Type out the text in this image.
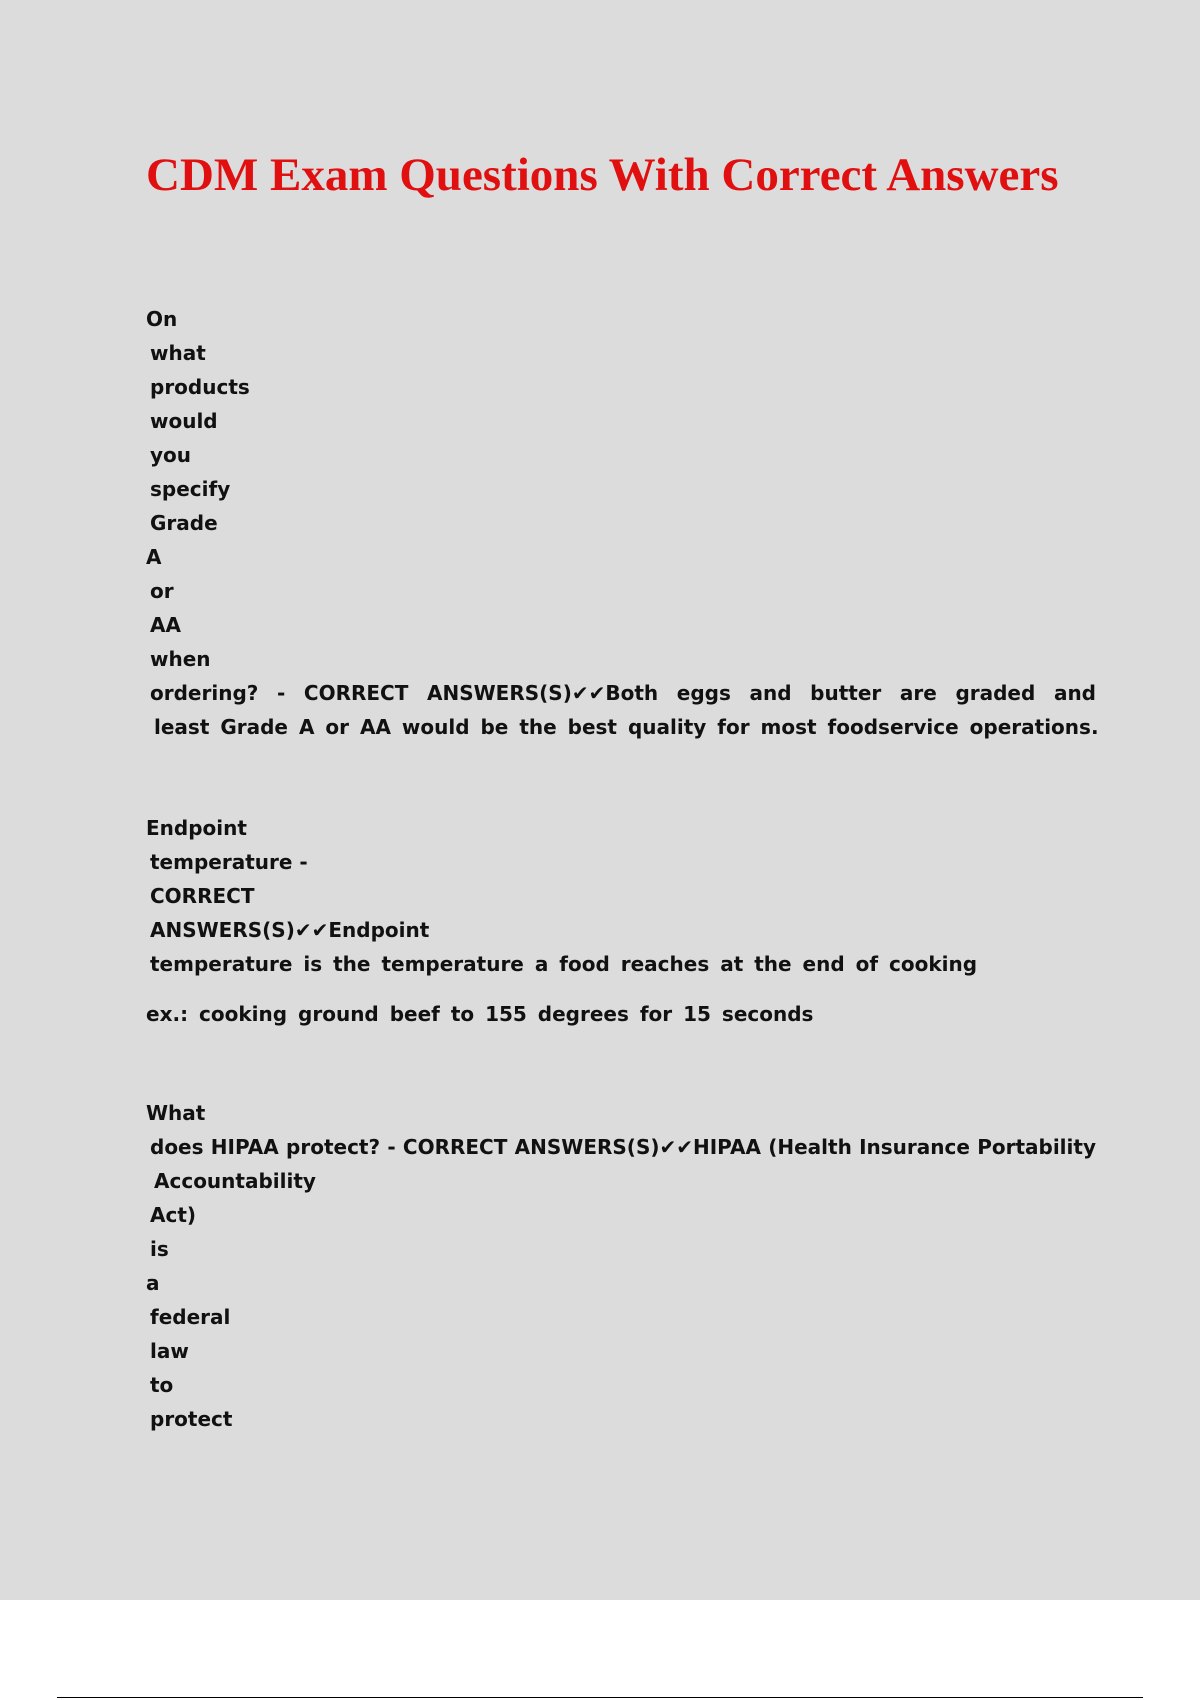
CDM Exam Questions With Correct Answers
On
what
products
would
you
specify
Grade
A
or
AA
when
ordering? - CORRECT ANSWERS(S)✔✔Both eggs and butter are graded and
least Grade A or AA would be the best quality for most foodservice operations.
Endpoint
temperature -
CORRECT
ANSWERS(S)✔✔Endpoint
temperature is the temperature a food reaches at the end of cooking
ex.: cooking ground beef to 155 degrees for 15 seconds
What
does HIPAA protect? - CORRECT ANSWERS(S)✔✔HIPAA (Health Insurance Portability
Accountability
Act)
is
a
federal
law
to
protect
